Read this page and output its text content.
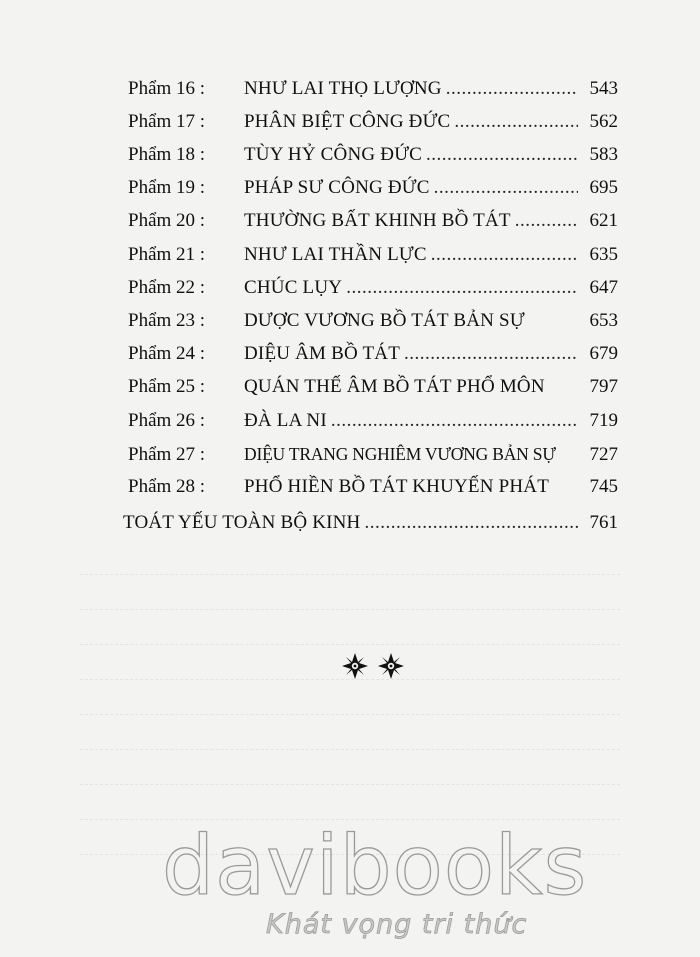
Phẩm 16 :	NHƯ LAI THỌ LƯỢNG .....	543
Phẩm 17 :	PHÂN BIỆT CÔNG ĐỨC .....	562
Phẩm 18 :	TÙY HỶ CÔNG ĐỨC .....	583
Phẩm 19 :	PHÁP SƯ CÔNG ĐỨC .....	695
Phẩm 20 :	THƯỜNG BẤT KHINH BỒ TÁT .....	621
Phẩm 21 :	NHƯ LAI THẦN LỰC .....	635
Phẩm 22 :	CHÚC LỤY .....	647
Phẩm 23 :	DƯỢC VƯƠNG BỒ TÁT BẢN SỰ	653
Phẩm 24 :	DIỆU ÂM BỒ TÁT .....	679
Phẩm 25 :	QUÁN THẾ ÂM BỒ TÁT PHỔ MÔN	797
Phẩm 26 :	ĐÀ LA NI .....	719
Phẩm 27 :	DIỆU TRANG NGHIÊM VƯƠNG BẢN SỰ	727
Phẩm 28 :	PHỔ HIỀN BỒ TÁT KHUYẾN PHÁT	745
TOÁT YẾU TOÀN BỘ KINH .....	761
davibooks
Khát vọng tri thức
